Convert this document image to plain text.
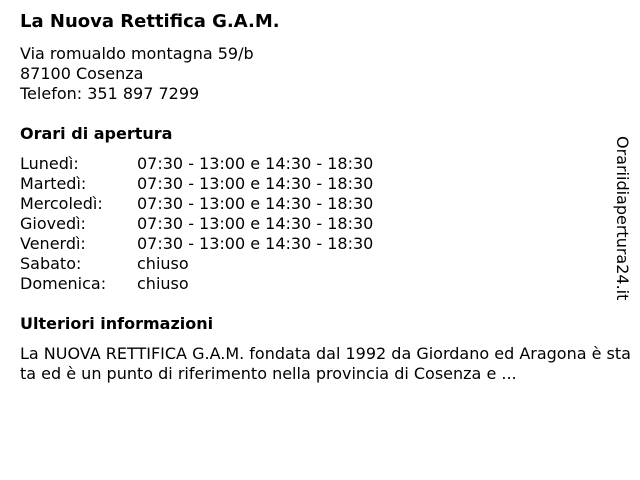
La Nuova Rettifica G.A.M.
Via romualdo montagna 59/b
87100 Cosenza
Telefon: 351 897 7299
Orari di apertura
Lunedì:	07:30 - 13:00 e 14:30 - 18:30
Martedì:	07:30 - 13:00 e 14:30 - 18:30
Mercoledì: 07:30 - 13:00 e 14:30 - 18:30
Giovedì:	07:30 - 13:00 e 14:30 - 18:30
Venerdì:	07:30 - 13:00 e 14:30 - 18:30
Sabato:	chiuso
Domenica: chiuso
Ulteriori informazioni

La NUOVA RETTIFICA G.A.M. fondata dal 1992 da Giordano ed Aragona è stata ed è un punto di riferimento nella provincia di Cosenza e ...

Orariidiapertura24.it
